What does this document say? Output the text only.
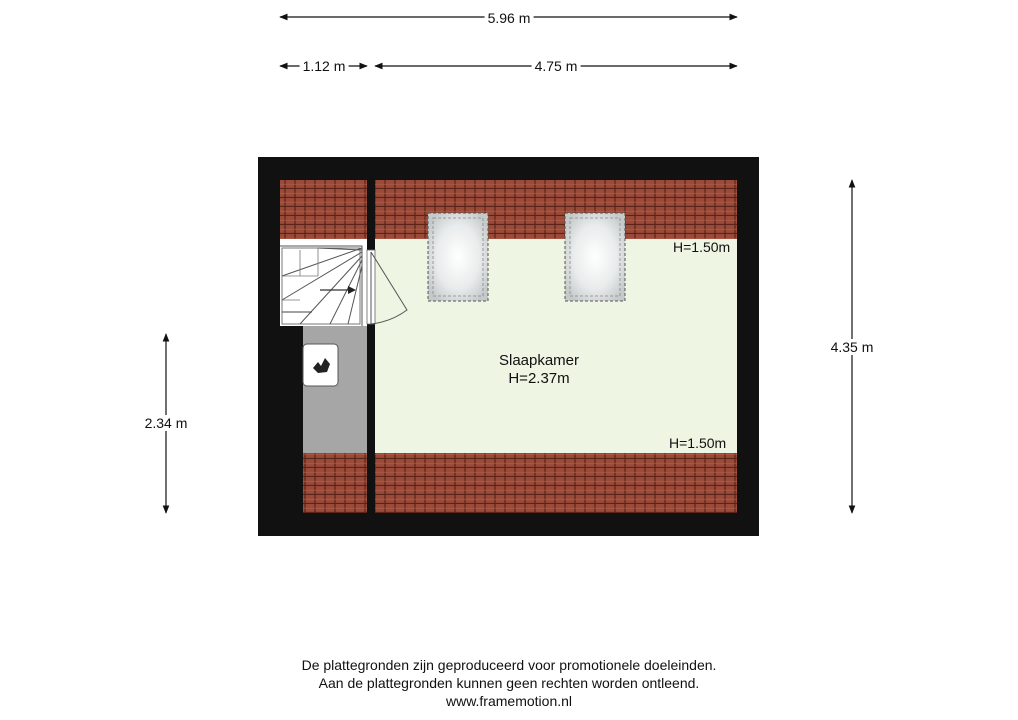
5.96 m
1.12 m	4.75 m
4.35 m
2.34 m
Slaapkamer
H=2.37m
H=1.50m
H=1.50m
De plattegronden zijn geproduceerd voor promotionele doeleinden.
Aan de plattegronden kunnen geen rechten worden ontleend.
www.framemotion.nl
